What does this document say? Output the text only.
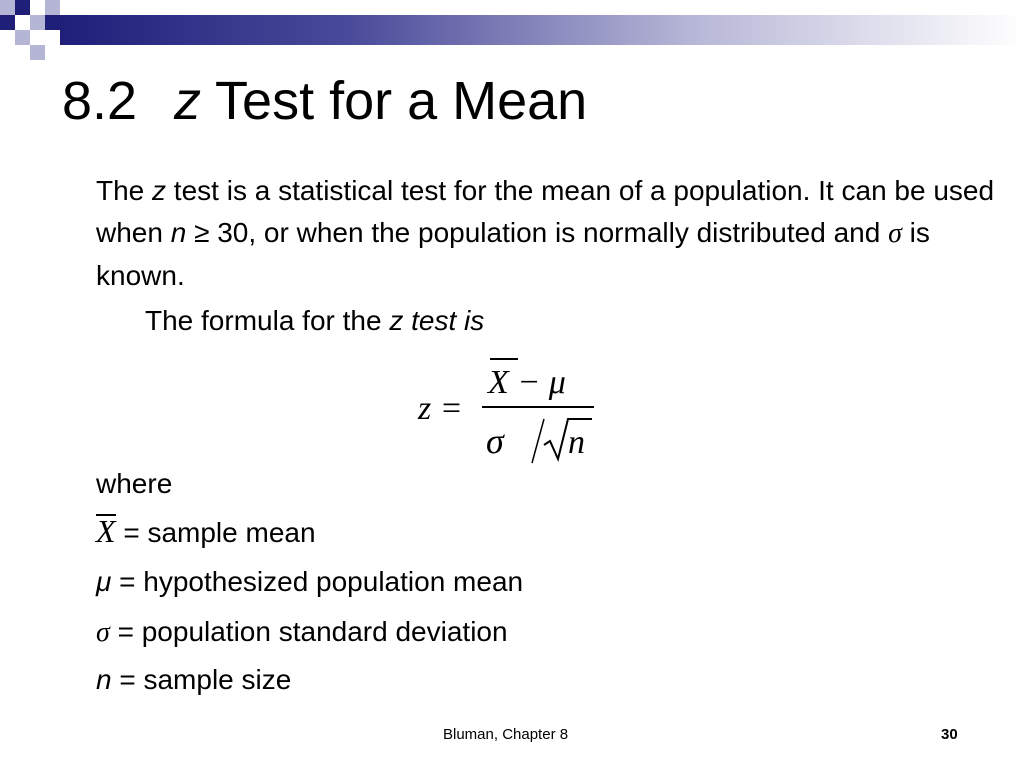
8.2 z Test for a Mean
The z test is a statistical test for the mean of a population. It can be used when n ≥ 30, or when the population is normally distributed and σ is known.
The formula for the z test is
z =
X − μ
σ n
where
X = sample mean
μ = hypothesized population mean
σ = population standard deviation
n = sample size
Bluman, Chapter 8	30
